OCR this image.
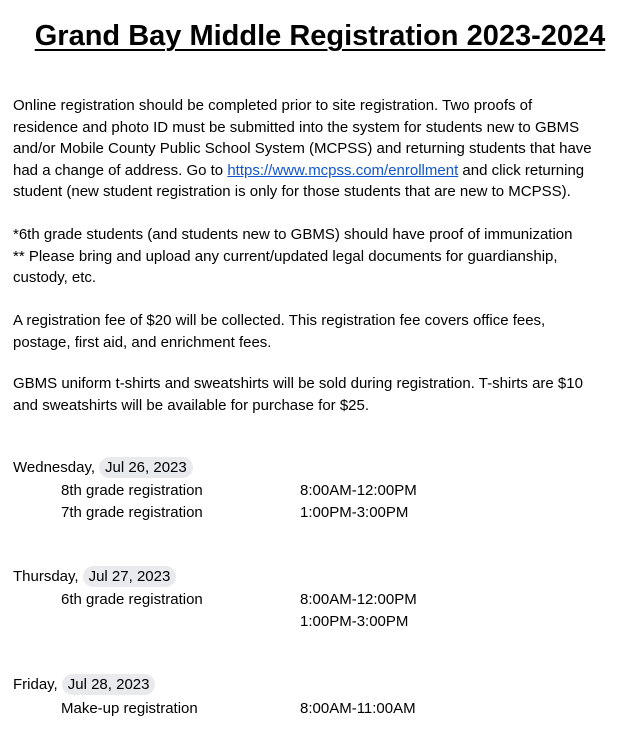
Grand Bay Middle Registration 2023-2024
Online registration should be completed prior to site registration. Two proofs of
residence and photo ID must be submitted into the system for students new to GBMS
and/or Mobile County Public School System (MCPSS) and returning students that have
had a change of address. Go to https://www.mcpss.com/enrollment and click returning
student (new student registration is only for those students that are new to MCPSS).
*6th grade students (and students new to GBMS) should have proof of immunization
** Please bring and upload any current/updated legal documents for guardianship,
custody, etc.
A registration fee of $20 will be collected. This registration fee covers office fees,
postage, first aid, and enrichment fees.
GBMS uniform t-shirts and sweatshirts will be sold during registration. T-shirts are $10
and sweatshirts will be available for purchase for $25.
Wednesday, Jul 26, 2023
8th grade registration	8:00AM-12:00PM
7th grade registration	1:00PM-3:00PM
Thursday, Jul 27, 2023
6th grade registration	8:00AM-12:00PM
1:00PM-3:00PM
Friday, Jul 28, 2023
Make-up registration	8:00AM-11:00AM
